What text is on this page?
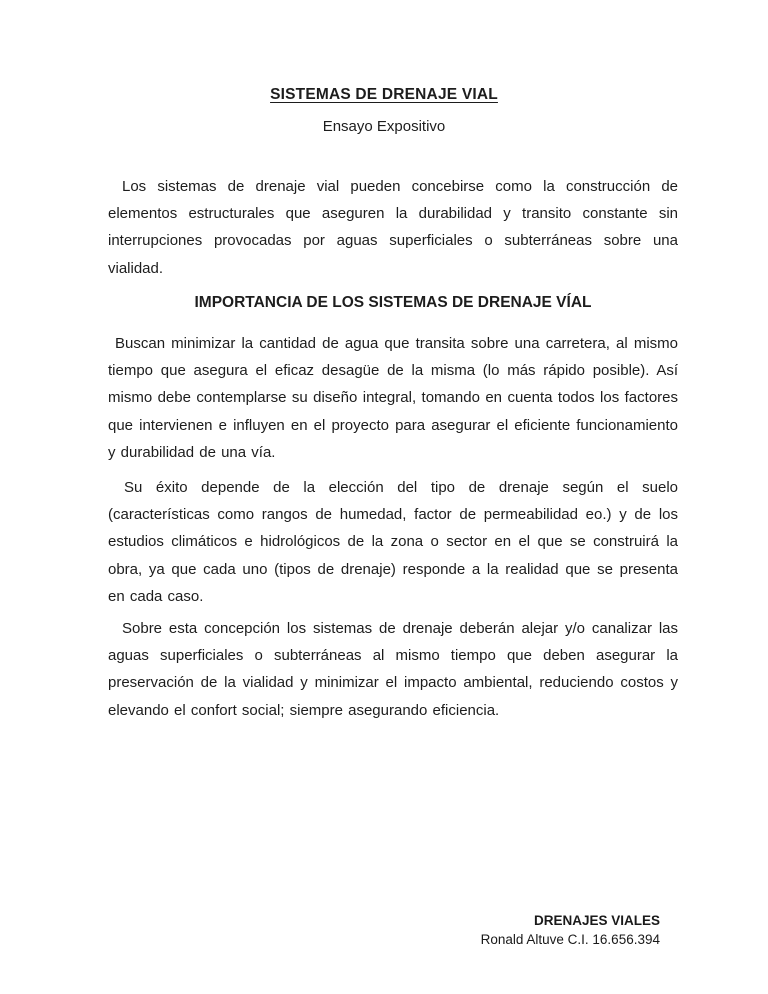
SISTEMAS DE DRENAJE VIAL
Ensayo Expositivo

Los sistemas de drenaje vial pueden concebirse como la construcción de elementos estructurales que aseguren la durabilidad y transito constante sin interrupciones provocadas por aguas superficiales o subterráneas sobre una vialidad.

IMPORTANCIA DE LOS SISTEMAS DE DRENAJE VÍAL

Buscan minimizar la cantidad de agua que transita sobre una carretera, al mismo tiempo que asegura el eficaz desagüe de la misma (lo más rápido posible). Así mismo debe contemplarse su diseño integral, tomando en cuenta todos los factores que intervienen e influyen en el proyecto para asegurar el eficiente funcionamiento y durabilidad de una vía.

Su éxito depende de la elección del tipo de drenaje según el suelo (características como rangos de humedad, factor de permeabilidad eo.) y de los estudios climáticos e hidrológicos de la zona o sector en el que se construirá la obra, ya que cada uno (tipos de drenaje) responde a la realidad que se presenta en cada caso.

Sobre esta concepción los sistemas de drenaje deberán alejar y/o canalizar las aguas superficiales o subterráneas al mismo tiempo que deben asegurar la preservación de la vialidad y minimizar el impacto ambiental, reduciendo costos y elevando el confort social; siempre asegurando eficiencia.

DRENAJES VIALES
Ronald Altuve C.I. 16.656.394
